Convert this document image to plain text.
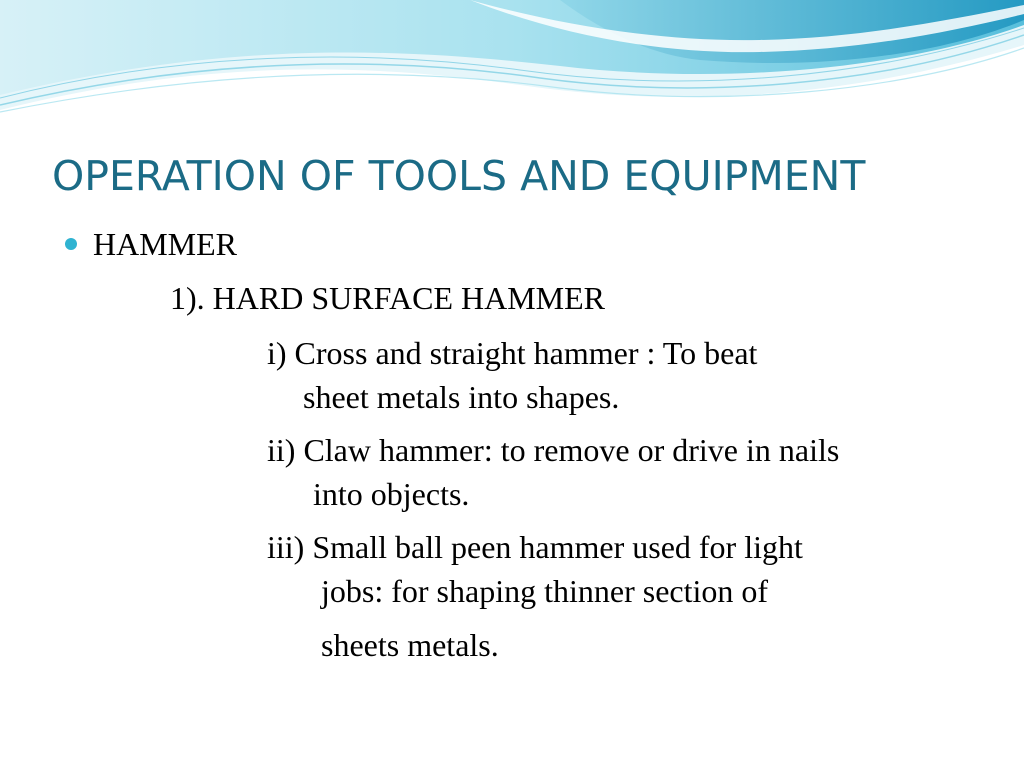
OPERATION OF TOOLS AND EQUIPMENT

HAMMER

1). HARD SURFACE HAMMER

i) Cross and straight hammer : To beat

sheet metals into shapes.

ii) Claw hammer: to remove or drive in nails

into objects.

iii) Small ball peen hammer used for light

jobs: for shaping thinner section of

sheets metals.
